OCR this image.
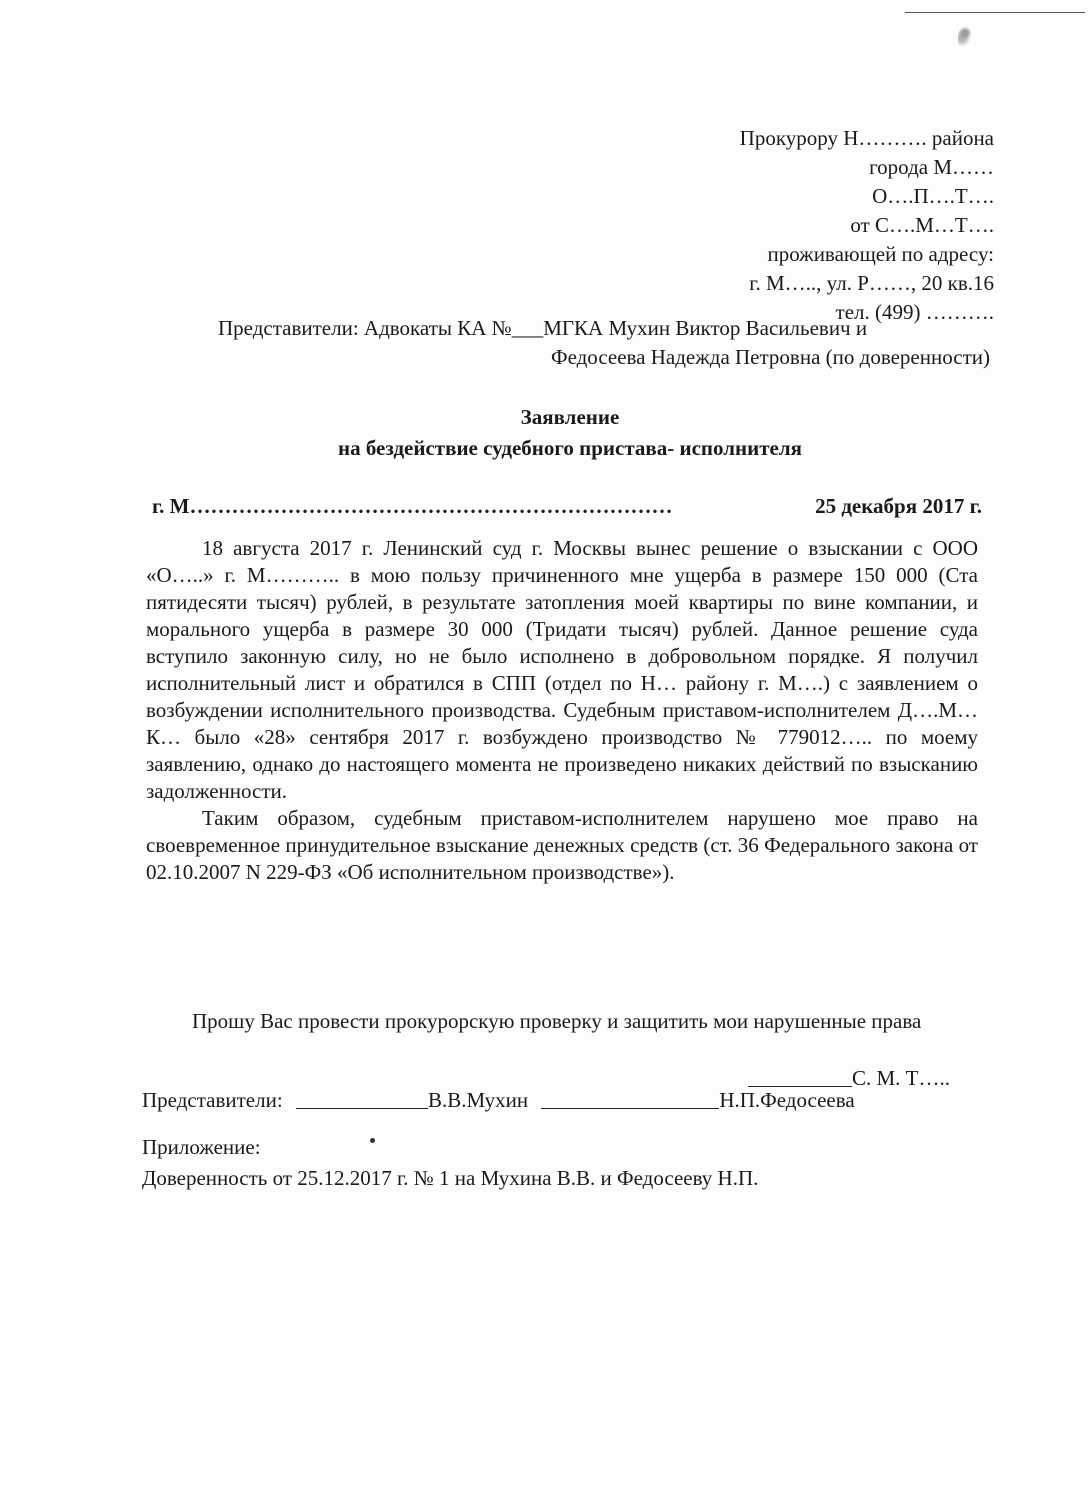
Прокурору Н………. района
города М……
О….П….Т….
от С….М…Т….
проживающей по адресу:
г. М….., ул. Р……, 20 кв.16
тел. (499) ……….
Представители: Адвокаты КА №___МГКА Мухин Виктор Васильевич и
Федосеева Надежда Петровна (по доверенности)
Заявление
на бездействие судебного пристава- исполнителя
г. М……………………………………………………………	25 декабря 2017 г.

18 августа 2017 г. Ленинский суд г. Москвы вынес решение о взыскании с ООО «О…..» г. М……….. в мою пользу причиненного мне ущерба в размере 150 000 (Ста пятидесяти тысяч) рублей, в результате затопления моей квартиры по вине компании, и морального ущерба в размере 30 000 (Тридати тысяч) рублей. Данное решение суда вступило законную силу, но не было исполнено в добровольном порядке. Я получил исполнительный лист и обратился в СПП (отдел по Н… району г. М….) с заявлением о возбуждении исполнительного производства. Судебным приставом-исполнителем Д….М…К… было «28» сентября 2017 г. возбуждено производство № 779012….. по моему заявлению, однако до настоящего момента не произведено никаких действий по взысканию задолженности.

Таким образом, судебным приставом-исполнителем нарушено мое право на своевременное принудительное взыскание денежных средств (ст. 36 Федерального закона от 02.10.2007 N 229-ФЗ «Об исполнительном производстве»).

Прошу Вас провести прокурорскую проверку и защитить мои нарушенные права
С. М. Т…..
Представители:	В.В.Мухин	Н.П.Федосеева
Приложение:
Доверенность от 25.12.2017 г. № 1 на Мухина В.В. и Федосееву Н.П.
